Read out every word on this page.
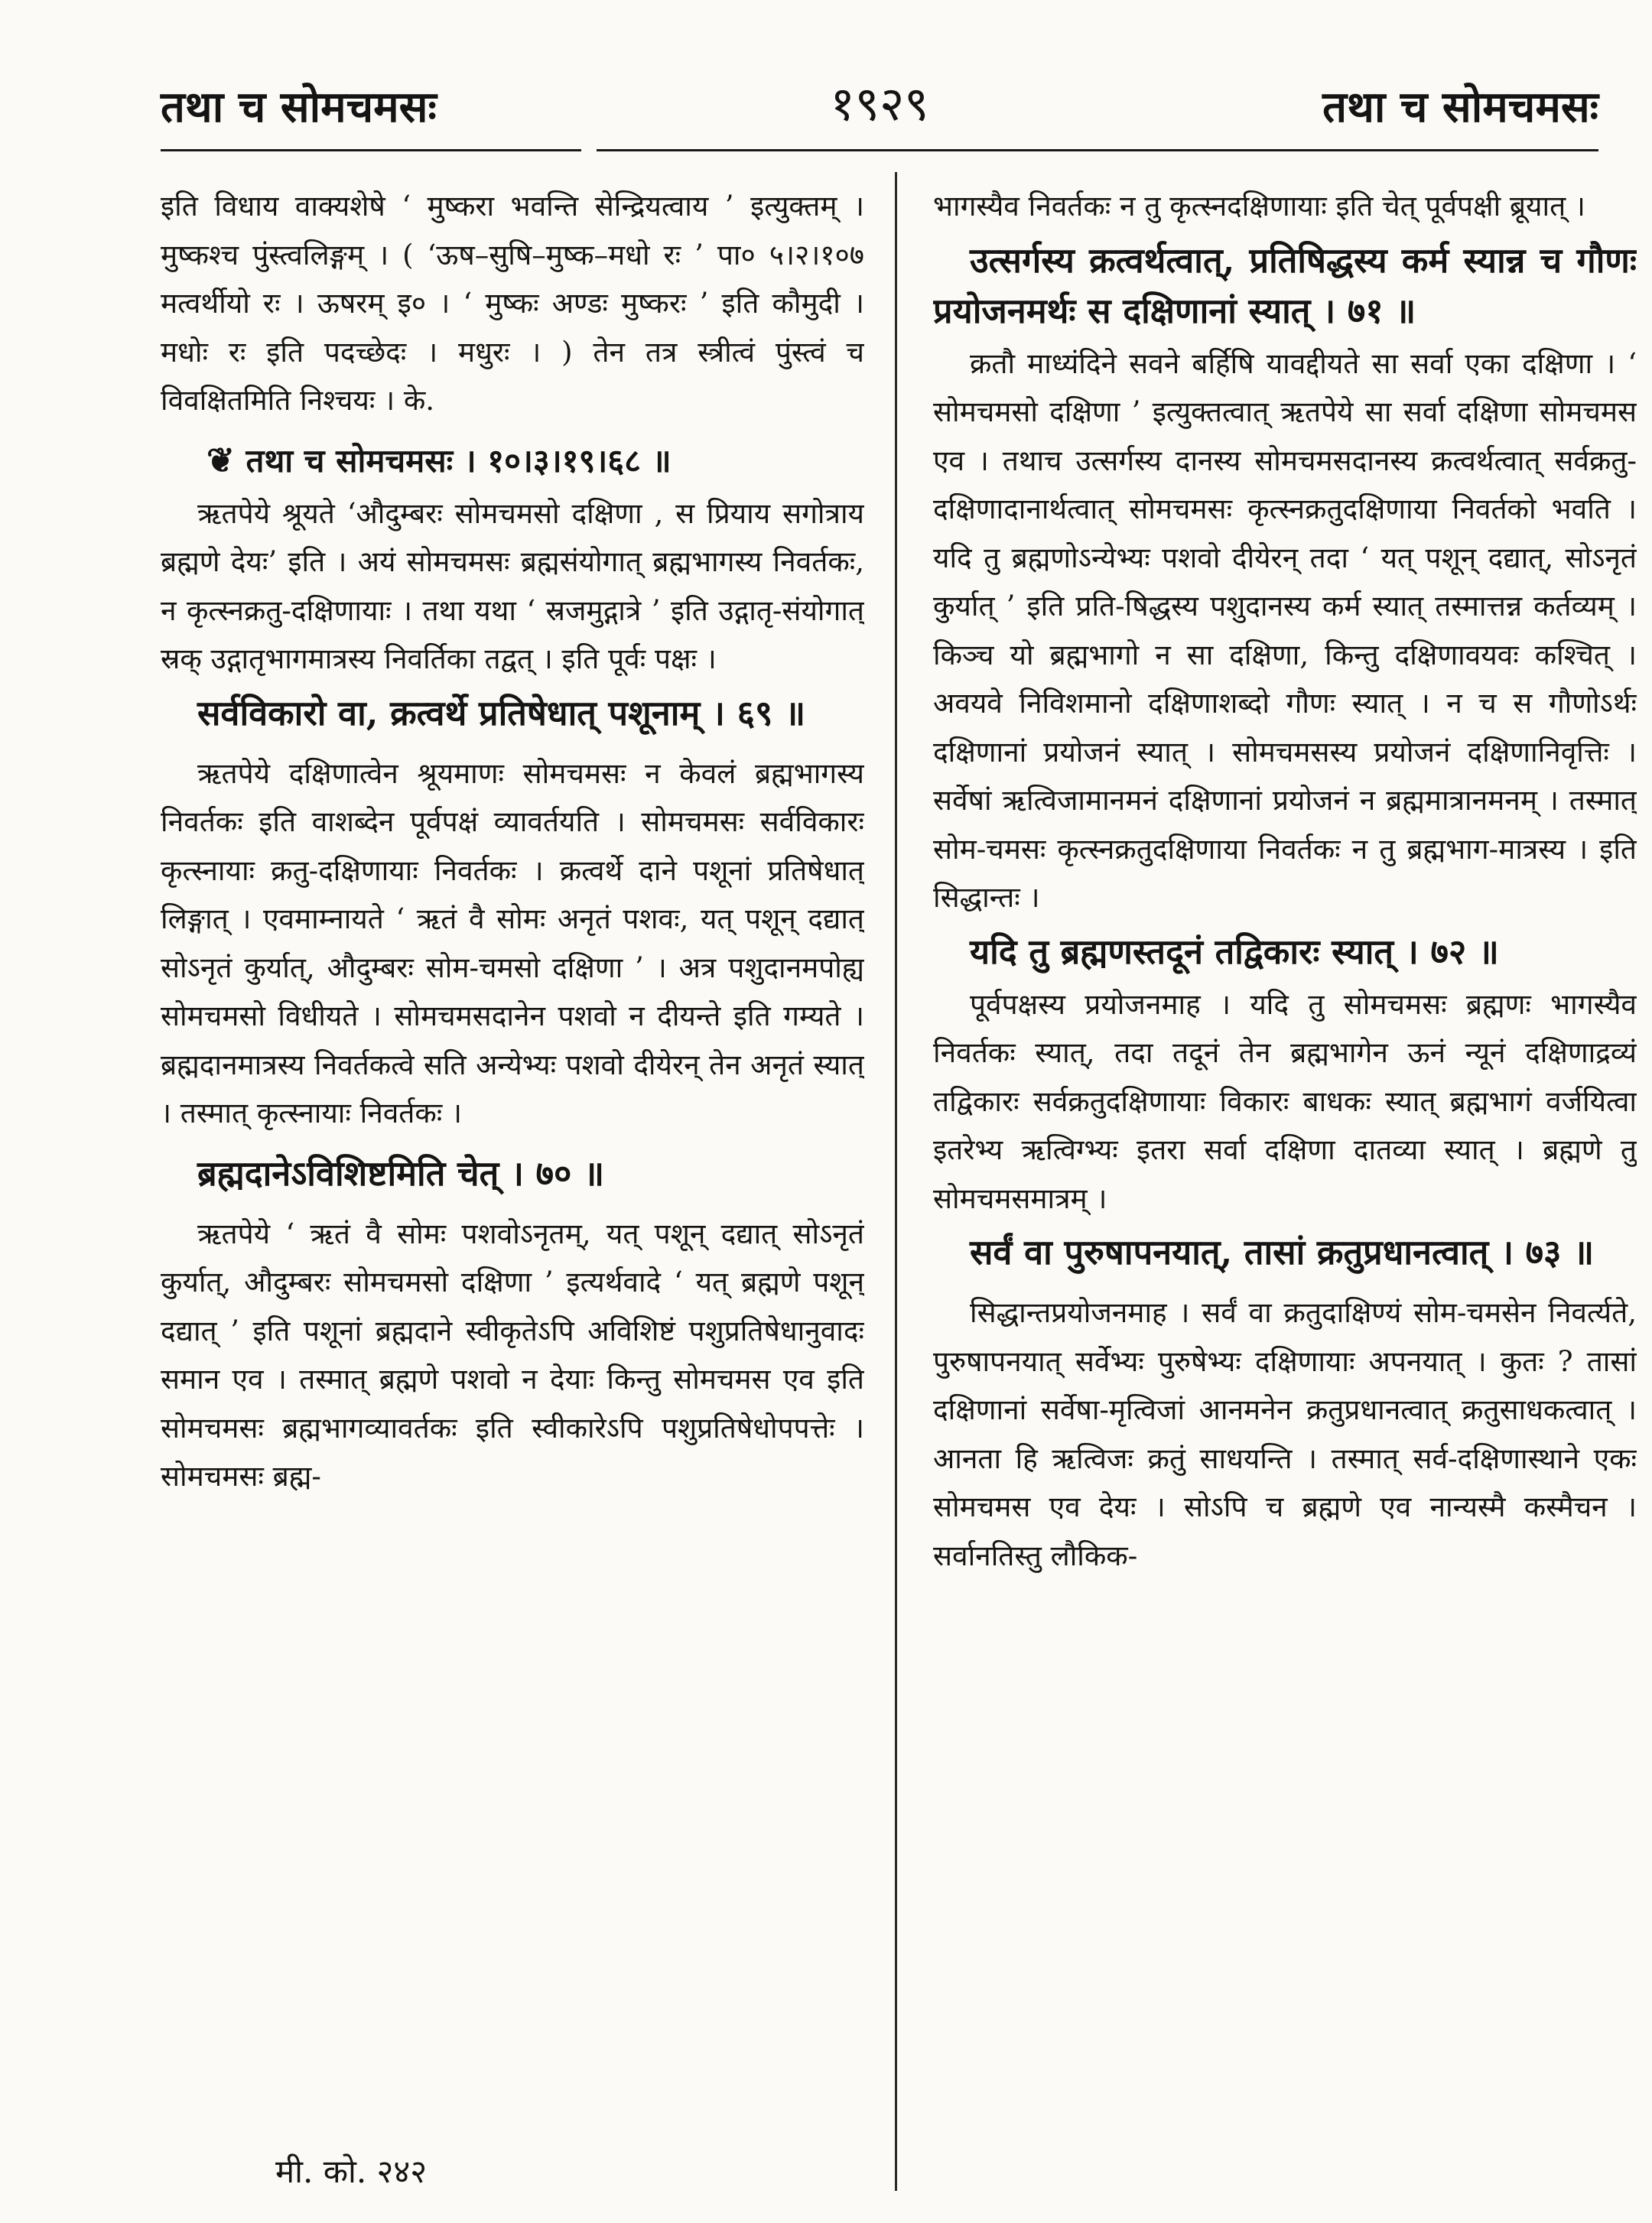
तथा च सोमचमसः	१९२९	तथा च सोमचमसः

इति विधाय वाक्यशेषे ‘ मुष्करा भवन्ति सेन्द्रियत्वाय ’ इत्युक्तम् । मुष्कश्च पुंस्त्वलिङ्गम् । ( ‘ऊष–सुषि–मुष्क–मधो रः ’ पा० ५।२।१०७ मत्वर्थीयो रः । ऊषरम् इ० । ‘ मुष्कः अण्डः मुष्करः ’ इति कौमुदी । मधोः रः इति पदच्छेदः । मधुरः । ) तेन तत्र स्त्रीत्वं पुंस्त्वं च विवक्षितमिति निश्चयः । के.

❦ तथा च सोमचमसः । १०।३।१९।६८ ॥

ऋतपेये श्रूयते ‘औदुम्बरः सोमचमसो दक्षिणा , स प्रियाय सगोत्राय ब्रह्मणे देयः’ इति । अयं सोमचमसः ब्रह्मसंयोगात् ब्रह्मभागस्य निवर्तकः, न कृत्स्नक्रतु-दक्षिणायाः । तथा यथा ‘ स्रजमुद्गात्रे ’ इति उद्गातृ-संयोगात् स्रक् उद्गातृभागमात्रस्य निवर्तिका तद्वत् । इति पूर्वः पक्षः ।

सर्वविकारो वा, क्रत्वर्थे प्रतिषेधात् पशूनाम् । ६९ ॥

ऋतपेये दक्षिणात्वेन श्रूयमाणः सोमचमसः न केवलं ब्रह्मभागस्य निवर्तकः इति वाशब्देन पूर्वपक्षं व्यावर्तयति । सोमचमसः सर्वविकारः कृत्स्नायाः क्रतु-दक्षिणायाः निवर्तकः । क्रत्वर्थे दाने पशूनां प्रतिषेधात् लिङ्गात् । एवमाम्नायते ‘ ऋतं वै सोमः अनृतं पशवः, यत् पशून् दद्यात् सोऽनृतं कुर्यात्, औदुम्बरः सोम-चमसो दक्षिणा ’ । अत्र पशुदानमपोह्य सोमचमसो विधीयते । सोमचमसदानेन पशवो न दीयन्ते इति गम्यते । ब्रह्मदानमात्रस्य निवर्तकत्वे सति अन्येभ्यः पशवो दीयेरन् तेन अनृतं स्यात् । तस्मात् कृत्स्नायाः निवर्तकः ।

ब्रह्मदानेऽविशिष्टमिति चेत् । ७० ॥

ऋतपेये ‘ ऋतं वै सोमः पशवोऽनृतम्, यत् पशून् दद्यात् सोऽनृतं कुर्यात्, औदुम्बरः सोमचमसो दक्षिणा ’ इत्यर्थवादे ‘ यत् ब्रह्मणे पशून् दद्यात् ’ इति पशूनां ब्रह्मदाने स्वीकृतेऽपि अविशिष्टं पशुप्रतिषेधानुवादः समान एव । तस्मात् ब्रह्मणे पशवो न देयाः किन्तु सोमचमस एव इति सोमचमसः ब्रह्मभागव्यावर्तकः इति स्वीकारेऽपि पशुप्रतिषेधोपपत्तेः । सोमचमसः ब्रह्म-

भागस्यैव निवर्तकः न तु कृत्स्नदक्षिणायाः इति चेत् पूर्वपक्षी ब्रूयात् ।

उत्सर्गस्य क्रत्वर्थत्वात्, प्रतिषिद्धस्य कर्म स्यान्न च गौणः प्रयोजनमर्थः स दक्षिणानां स्यात् । ७१ ॥

क्रतौ माध्यंदिने सवने बर्हिषि यावद्दीयते सा सर्वा एका दक्षिणा । ‘ सोमचमसो दक्षिणा ’ इत्युक्तत्वात् ऋतपेये सा सर्वा दक्षिणा सोमचमस एव । तथाच उत्सर्गस्य दानस्य सोमचमसदानस्य क्रत्वर्थत्वात् सर्वक्रतु-दक्षिणादानार्थत्वात् सोमचमसः कृत्स्नक्रतुदक्षिणाया निवर्तको भवति । यदि तु ब्रह्मणोऽन्येभ्यः पशवो दीयेरन् तदा ‘ यत् पशून् दद्यात्, सोऽनृतं कुर्यात् ’ इति प्रति-षिद्धस्य पशुदानस्य कर्म स्यात् तस्मात्तन्न कर्तव्यम् । किञ्च यो ब्रह्मभागो न सा दक्षिणा, किन्तु दक्षिणावयवः कश्चित् । अवयवे निविशमानो दक्षिणाशब्दो गौणः स्यात् । न च स गौणोऽर्थः दक्षिणानां प्रयोजनं स्यात् । सोमचमसस्य प्रयोजनं दक्षिणानिवृत्तिः । सर्वेषां ऋत्विजामानमनं दक्षिणानां प्रयोजनं न ब्रह्ममात्रानमनम् । तस्मात् सोम-चमसः कृत्स्नक्रतुदक्षिणाया निवर्तकः न तु ब्रह्मभाग-मात्रस्य । इति सिद्धान्तः ।

यदि तु ब्रह्मणस्तदूनं तद्विकारः स्यात् । ७२ ॥

पूर्वपक्षस्य प्रयोजनमाह । यदि तु सोमचमसः ब्रह्मणः भागस्यैव निवर्तकः स्यात्, तदा तदूनं तेन ब्रह्मभागेन ऊनं न्यूनं दक्षिणाद्रव्यं तद्विकारः सर्वक्रतुदक्षिणायाः विकारः बाधकः स्यात् ब्रह्मभागं वर्जयित्वा इतरेभ्य ऋत्विग्भ्यः इतरा सर्वा दक्षिणा दातव्या स्यात् । ब्रह्मणे तु सोमचमसमात्रम् ।

सर्वं वा पुरुषापनयात्, तासां क्रतुप्रधानत्वात् । ७३ ॥

सिद्धान्तप्रयोजनमाह । सर्वं वा क्रतुदाक्षिण्यं सोम-चमसेन निवर्त्यते, पुरुषापनयात् सर्वेभ्यः पुरुषेभ्यः दक्षिणायाः अपनयात् । कुतः ? तासां दक्षिणानां सर्वेषा-मृत्विजां आनमनेन क्रतुप्रधानत्वात् क्रतुसाधकत्वात् । आनता हि ऋत्विजः क्रतुं साधयन्ति । तस्मात् सर्व-दक्षिणास्थाने एकः सोमचमस एव देयः । सोऽपि च ब्रह्मणे एव नान्यस्मै कस्मैचन । सर्वानतिस्तु लौकिक-

मी. को. २४२
